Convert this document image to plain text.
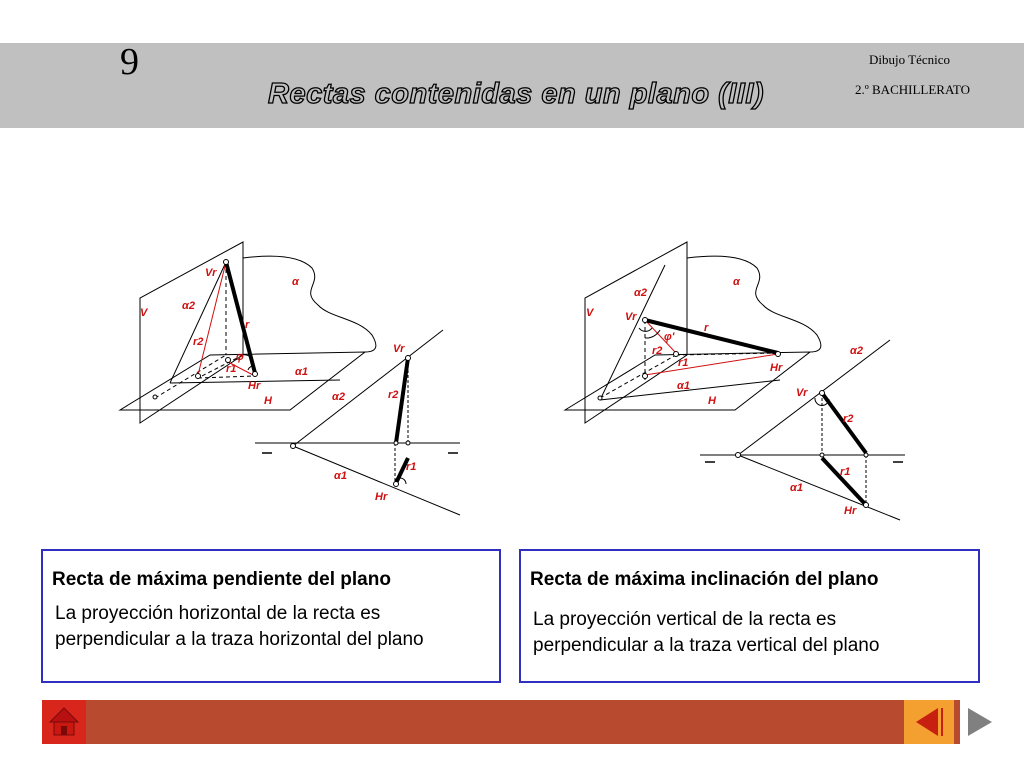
9
Rectas contenidas en un plano (III)
Dibujo Técnico
2.º BACHILLERATO
Vr
α
V
α2
r
r2
φ
r1	α1
Hr
H
Vr
α2	r2
r1
α1
Hr
α
α2
V	Vr
r
φ'
r2
r1	Hr
α1
H
α2
Vr
r2
r1
α1
Hr
Recta de máxima pendiente del plano
La proyección horizontal de la recta es
perpendicular a la traza horizontal del plano
Recta de máxima inclinación del plano
La proyección vertical de la recta es
perpendicular a la traza vertical del plano
